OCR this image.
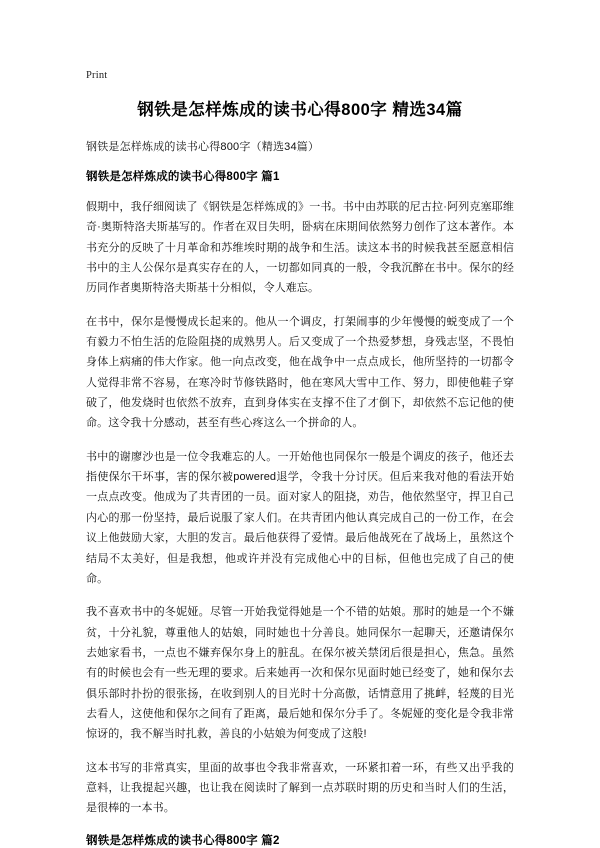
Print
钢铁是怎样炼成的读书心得800字 精选34篇

钢铁是怎样炼成的读书心得800字（精选34篇）

钢铁是怎样炼成的读书心得800字 篇1

假期中，我仔细阅读了《钢铁是怎样炼成的》一书。书中由苏联的尼古拉·阿列克塞耶维奇·奥斯特洛夫斯基写的。作者在双目失明，卧病在床期间依然努力创作了这本著作。本书充分的反映了十月革命和苏维埃时期的战争和生活。读这本书的时候我甚至愿意相信书中的主人公保尔是真实存在的人，一切都如同真的一般，令我沉醉在书中。保尔的经历同作者奥斯特洛夫斯基十分相似，令人难忘。

在书中，保尔是慢慢成长起来的。他从一个调皮，打架闹事的少年慢慢的蜕变成了一个有毅力不怕生活的危险阻挠的成熟男人。后又变成了一个热爱梦想，身残志坚，不畏怕身体上病痛的伟大作家。他一向点改变，他在战争中一点点成长，他所坚持的一切都令人觉得非常不容易，在寒冷时节修铁路时，他在寒风大雪中工作、努力，即使他鞋子穿破了，他发烧时也依然不放弃，直到身体实在支撑不住了才倒下，却依然不忘记他的使命。这令我十分感动，甚至有些心疼这么一个拼命的人。

书中的谢廖沙也是一位令我难忘的人。一开始他也同保尔一般是个调皮的孩子，他还去指使保尔干坏事，害的保尔被powered退学，令我十分讨厌。但后来我对他的看法开始一点点改变。他成为了共青团的一员。面对家人的阻挠，劝告，他依然坚守，捍卫自己内心的那一份坚持，最后说服了家人们。在共青团内他认真完成自己的一份工作，在会议上他鼓励大家，大胆的发言。最后他获得了爱情。最后他战死在了战场上，虽然这个结局不太美好，但是我想，他或许并没有完成他心中的目标，但他也完成了自己的使命。

我不喜欢书中的冬妮娅。尽管一开始我觉得她是一个不错的姑娘。那时的她是一个不嫌贫，十分礼貌，尊重他人的姑娘，同时她也十分善良。她同保尔一起聊天，还邀请保尔去她家看书，一点也不嫌弃保尔身上的脏乱。在保尔被关禁闭后很是担心，焦急。虽然有的时候也会有一些无理的要求。后来她再一次和保尔见面时她已经变了，她和保尔去俱乐部时扑扮的很张扬，在收到别人的目光时十分高傲，话情意用了挑衅，轻蔑的目光去看人，这使他和保尔之间有了距离，最后她和保尔分手了。冬妮娅的变化是令我非常惊讶的，我不解当时扎救，善良的小姑娘为何变成了这般!

这本书写的非常真实，里面的故事也令我非常喜欢，一环紧扣着一环，有些又出乎我的意料，让我提起兴趣，也让我在阅读时了解到一点苏联时期的历史和当时人们的生活，是很棒的一本书。

钢铁是怎样炼成的读书心得800字 篇2
